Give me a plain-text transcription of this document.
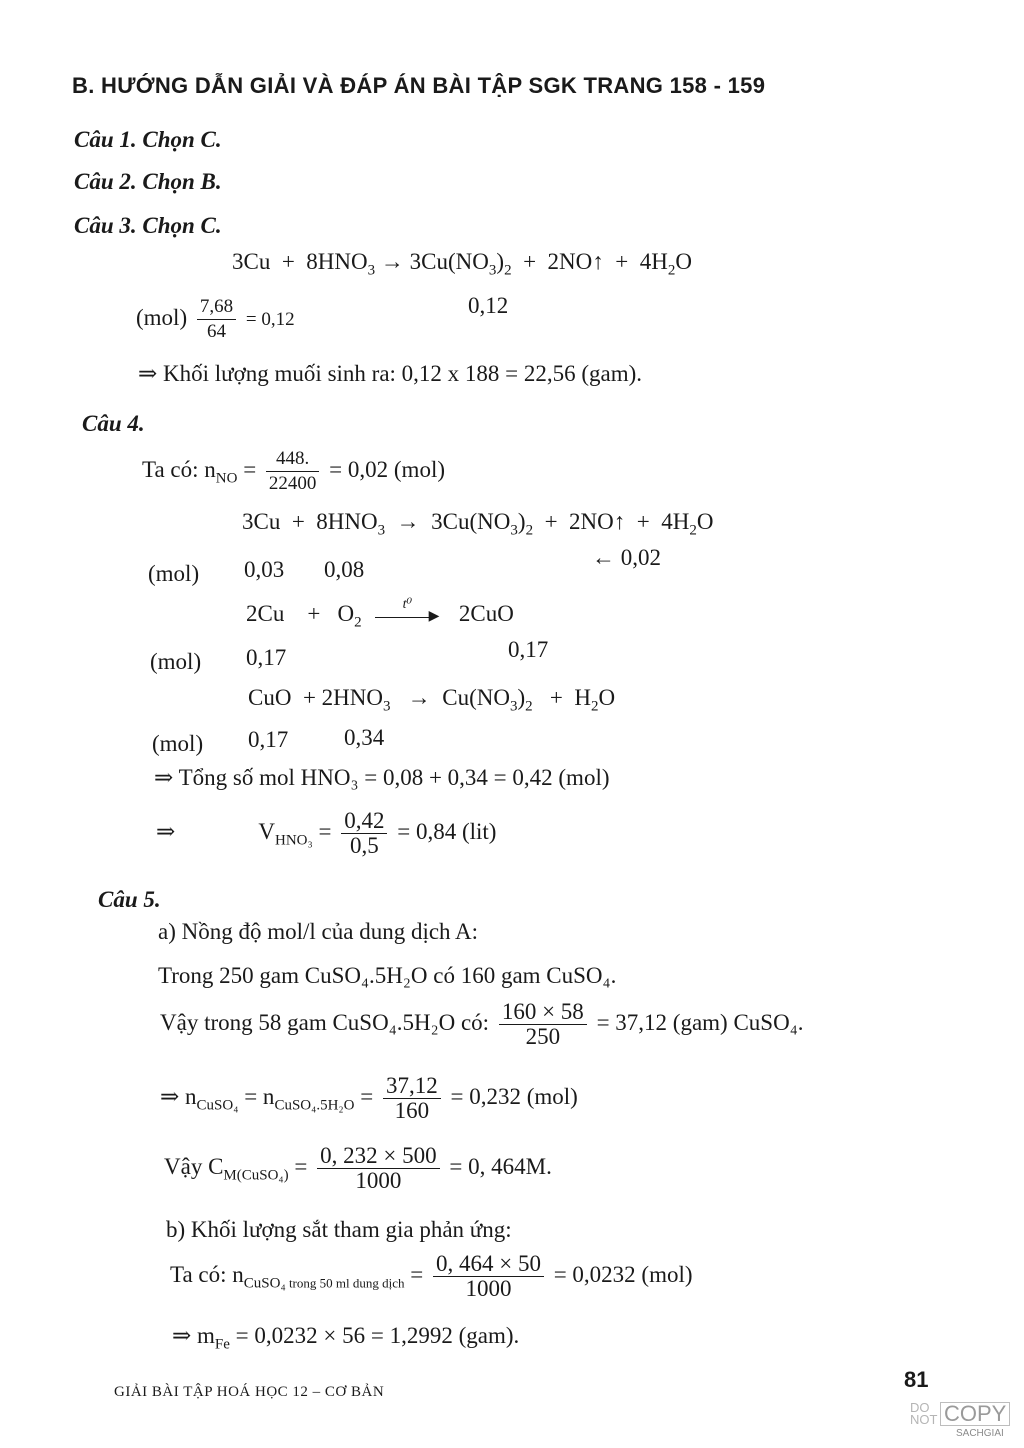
B. HƯỚNG DẪN GIẢI VÀ ĐÁP ÁN BÀI TẬP SGK TRANG 158 - 159
Câu 1. Chọn C.
Câu 2. Chọn B.
Câu 3. Chọn C.
$3Cu + 8HNO_3 \to 3Cu(NO_3)_2$  +  2NO↑  +  $4H_2O$
$(mol) \frac{7,68}{64} = 0,12$
0,12
⇒ Khối lượng muối sinh ra: 0,12 x 188 = 22,56 (gam).
Câu 4.
Ta có: $n_{NO} = \frac{448.}{22400} = 0,02$ (mol)
$3Cu + 8HNO_3 \to 3Cu(NO_3)_2$  +  2NO↑  +  $4H_2O$
(mol) 0,03 0,08	← 0,02
2Cu    +   $O_2$
t⁰
▶ 2CuO
(mol) 0,17	0,17
CuO  + $2HNO_3 \to Cu(NO_3)_2 + H_2O$
(mol) 0,17 0,34
⇒ Tổng số mol HNO₃ = 0,08 + 0,34 = 0,42 (mol)
⇒	$V_{HNO_3} = \frac{0,42}{0,5} = 0,84$ (lit)
Câu 5.
a) Nồng độ mol/l của dung dịch A:
Trong 250 gam CuSO₄.5H₂O có 160 gam CuSO₄.
Vậy trong 58 gam CuSO₄.5H₂O có: $\frac{160 \times 58}{250} = 37,12$ (gam) CuSO₄.
⇒ $n_{CuSO_4} = n_{CuSO_4.5H_2O} = \frac{37,12}{160} = 0,232$ (mol)
Vậy $C_{M(CuSO_4)} = \frac{0, 232 \times 500}{1000} = 0$, 464M.
b) Khối lượng sắt tham gia phản ứng:
Ta có: $n_{CuSO_4}$ $_{trong 50 ml dung dịch} = \frac{0, 464 \times 50}{1000} = 0,0232$ (mol)
⇒ $m_{Fe} = 0,0232 \times 56 = 1,2992$ (gam).
GIẢI BÀI TẬP HOÁ HỌC 12 – CƠ BẢN	81
DO NOT COPY
SACHGIAI
